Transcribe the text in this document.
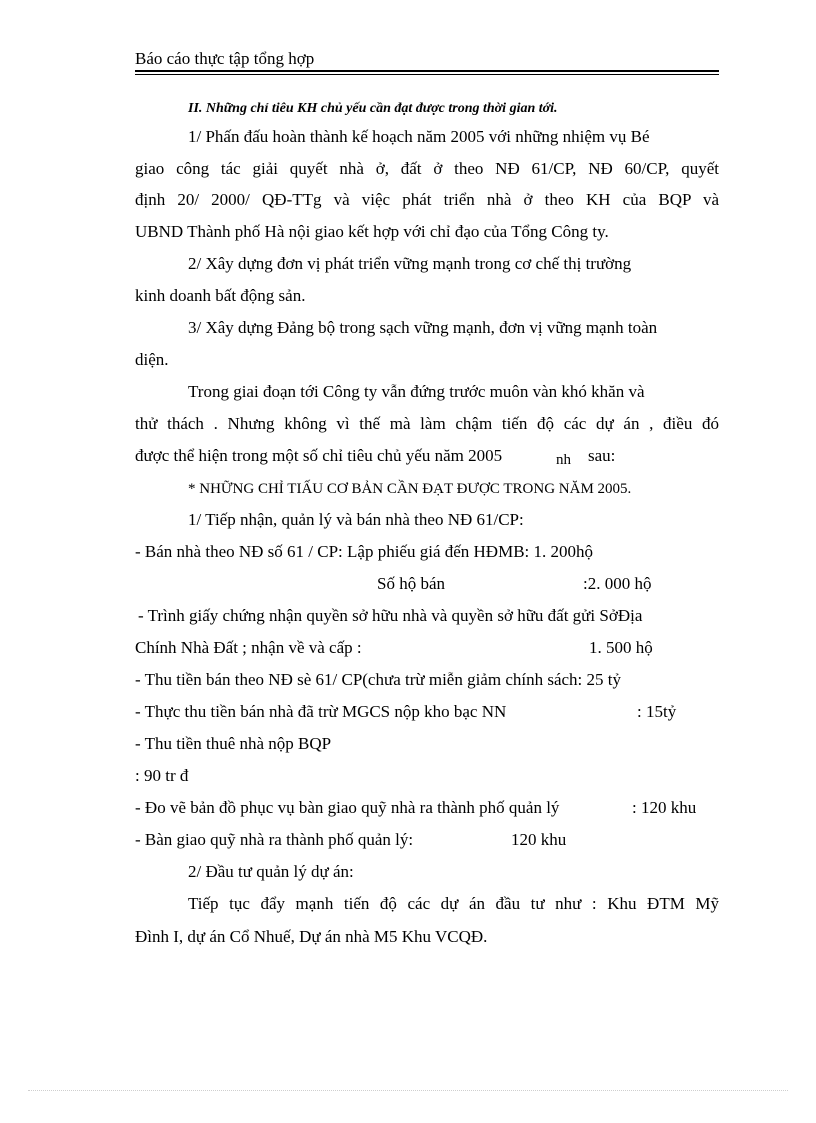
Báo cáo thực tập tổng hợp
II. Những chỉ tiêu KH chủ yếu cần đạt được trong thời gian tới.
1/ Phấn đấu hoàn thành kế hoạch năm 2005 với những nhiệm vụ Bé
giao công tác giải quyết nhà ở, đất ở theo NĐ 61/CP, NĐ 60/CP, quyết
định 20/ 2000/ QĐ-TTg và việc phát triển nhà ở theo KH của BQP và
UBND Thành phố Hà nội giao kết hợp với chỉ đạo của Tổng Công ty.
2/ Xây dựng đơn vị phát triển vững mạnh trong cơ chế thị trường
kinh doanh bất động sản.
3/ Xây dựng Đảng bộ trong sạch vững mạnh, đơn vị vững mạnh toàn
diện.
Trong giai đoạn tới Công ty vẫn đứng trước muôn vàn khó khăn và
thử thách . Nhưng không vì thế mà làm chậm tiến độ các dự án , điều đó
được thể hiện trong một số chỉ tiêu chủ yếu năm 2005	nh sau:
* NHỮNG CHỈ TIẤU CƠ BẢN CẦN ĐẠT ĐƯỢC TRONG NĂM 2005.
1/ Tiếp nhận, quản lý và bán nhà theo NĐ 61/CP:
- Bán nhà theo NĐ số 61 / CP: Lập phiếu giá đến HĐMB: 1. 200hộ
Số hộ bán	:2. 000 hộ
- Trình giấy chứng nhận quyền sở hữu nhà và quyền sở hữu đất gửi SởĐịa
Chính Nhà Đất ; nhận về và cấp :	1. 500 hộ
- Thu tiền bán theo NĐ sè 61/ CP(chưa trừ miễn giảm chính sách: 25 tỷ
- Thực thu tiền bán nhà đã trừ MGCS nộp kho bạc NN	: 15tỷ
- Thu tiền thuê nhà nộp BQP
: 90 tr đ
- Đo vẽ bản đồ phục vụ bàn giao quỹ nhà ra thành phố quản lý	: 120 khu
- Bàn giao quỹ nhà ra thành phố quản lý:	120 khu
2/ Đầu tư quản lý dự án:
Tiếp tục đẩy mạnh tiến độ các dự án đầu tư như : Khu ĐTM Mỹ
Đình I, dự án Cổ Nhuế, Dự án nhà M5 Khu VCQĐ.
